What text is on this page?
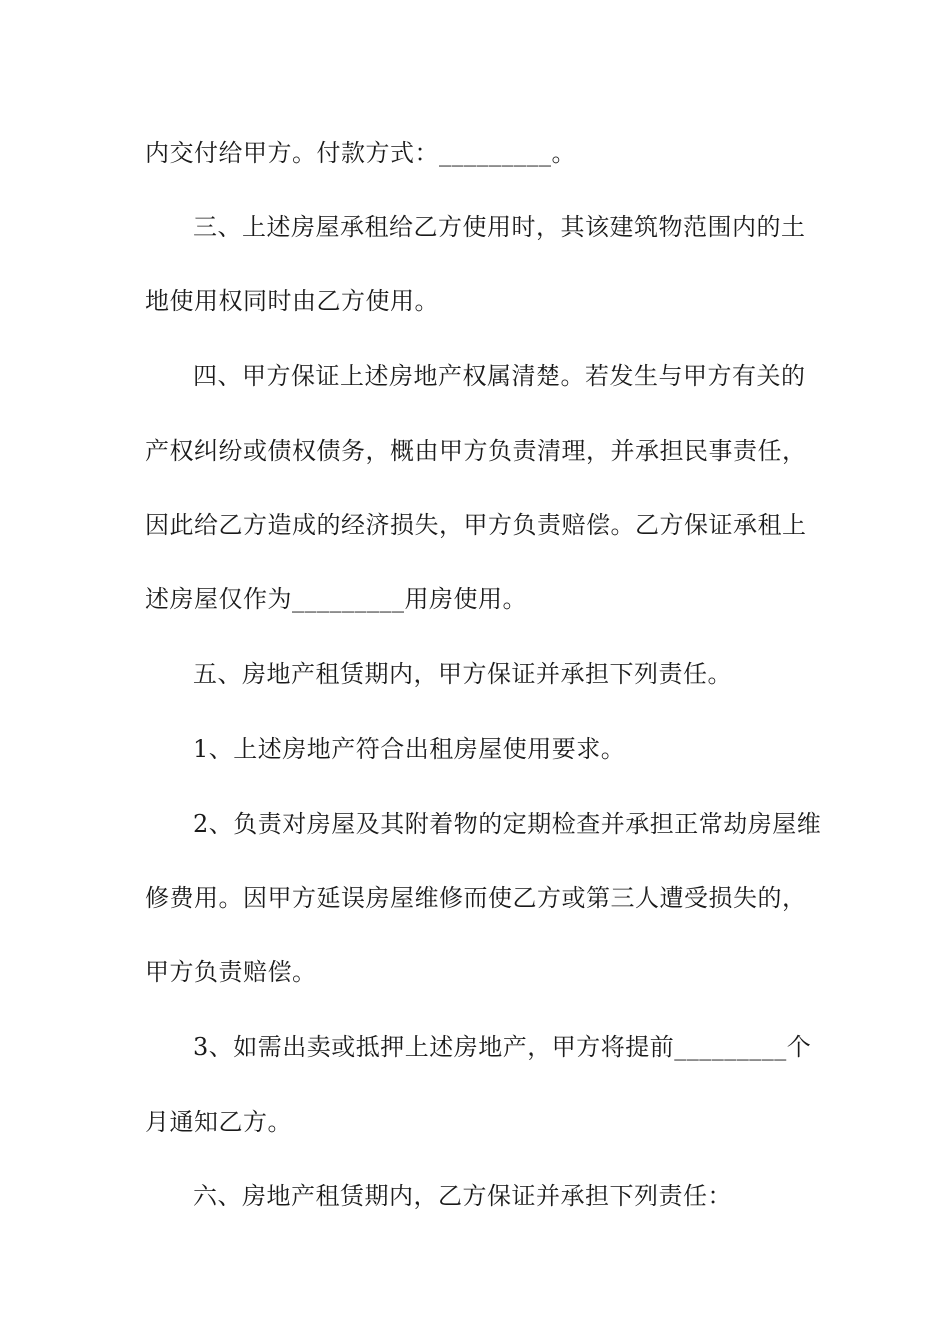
内交付给甲方。付款方式：_________。
三、上述房屋承租给乙方使用时，其该建筑物范围内的土
地使用权同时由乙方使用。
四、甲方保证上述房地产权属清楚。若发生与甲方有关的
产权纠纷或债权债务，概由甲方负责清理，并承担民事责任，
因此给乙方造成的经济损失，甲方负责赔偿。乙方保证承租上
述房屋仅作为_________用房使用。
五、房地产租赁期内，甲方保证并承担下列责任。
1、上述房地产符合出租房屋使用要求。
2、负责对房屋及其附着物的定期检查并承担正常劫房屋维
修费用。因甲方延误房屋维修而使乙方或第三人遭受损失的，
甲方负责赔偿。
3、如需出卖或抵押上述房地产，甲方将提前_________个
月通知乙方。
六、房地产租赁期内，乙方保证并承担下列责任：
